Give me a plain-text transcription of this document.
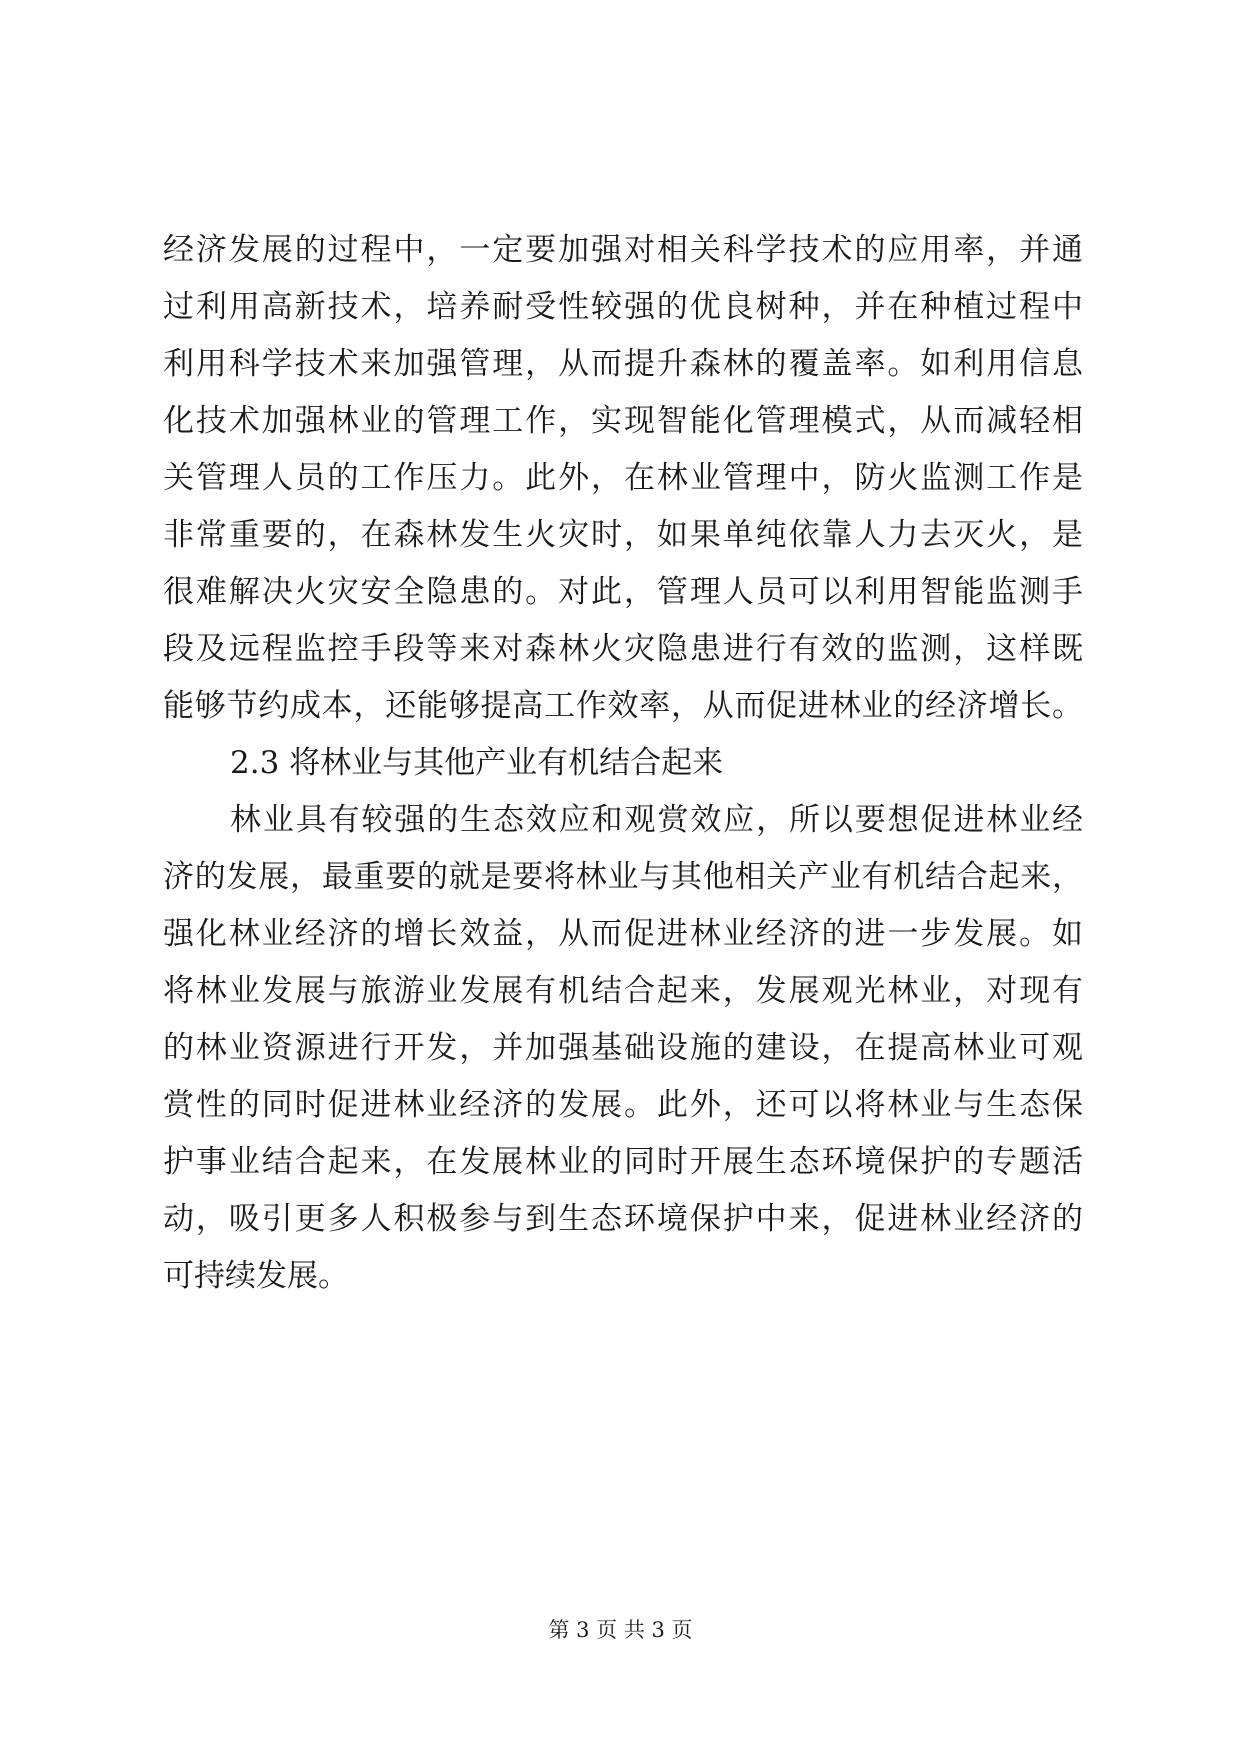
经济发展的过程中，一定要加强对相关科学技术的应用率，并通
过利用高新技术，培养耐受性较强的优良树种，并在种植过程中
利用科学技术来加强管理，从而提升森林的覆盖率。如利用信息
化技术加强林业的管理工作，实现智能化管理模式，从而减轻相
关管理人员的工作压力。此外，在林业管理中，防火监测工作是
非常重要的，在森林发生火灾时，如果单纯依靠人力去灭火，是
很难解决火灾安全隐患的。对此，管理人员可以利用智能监测手
段及远程监控手段等来对森林火灾隐患进行有效的监测，这样既
能够节约成本，还能够提高工作效率，从而促进林业的经济增长。
2.3 将林业与其他产业有机结合起来
林业具有较强的生态效应和观赏效应，所以要想促进林业经
济的发展，最重要的就是要将林业与其他相关产业有机结合起来，
强化林业经济的增长效益，从而促进林业经济的进一步发展。如
将林业发展与旅游业发展有机结合起来，发展观光林业，对现有
的林业资源进行开发，并加强基础设施的建设，在提高林业可观
赏性的同时促进林业经济的发展。此外，还可以将林业与生态保
护事业结合起来，在发展林业的同时开展生态环境保护的专题活
动，吸引更多人积极参与到生态环境保护中来，促进林业经济的
可持续发展。
第 3 页 共 3 页
